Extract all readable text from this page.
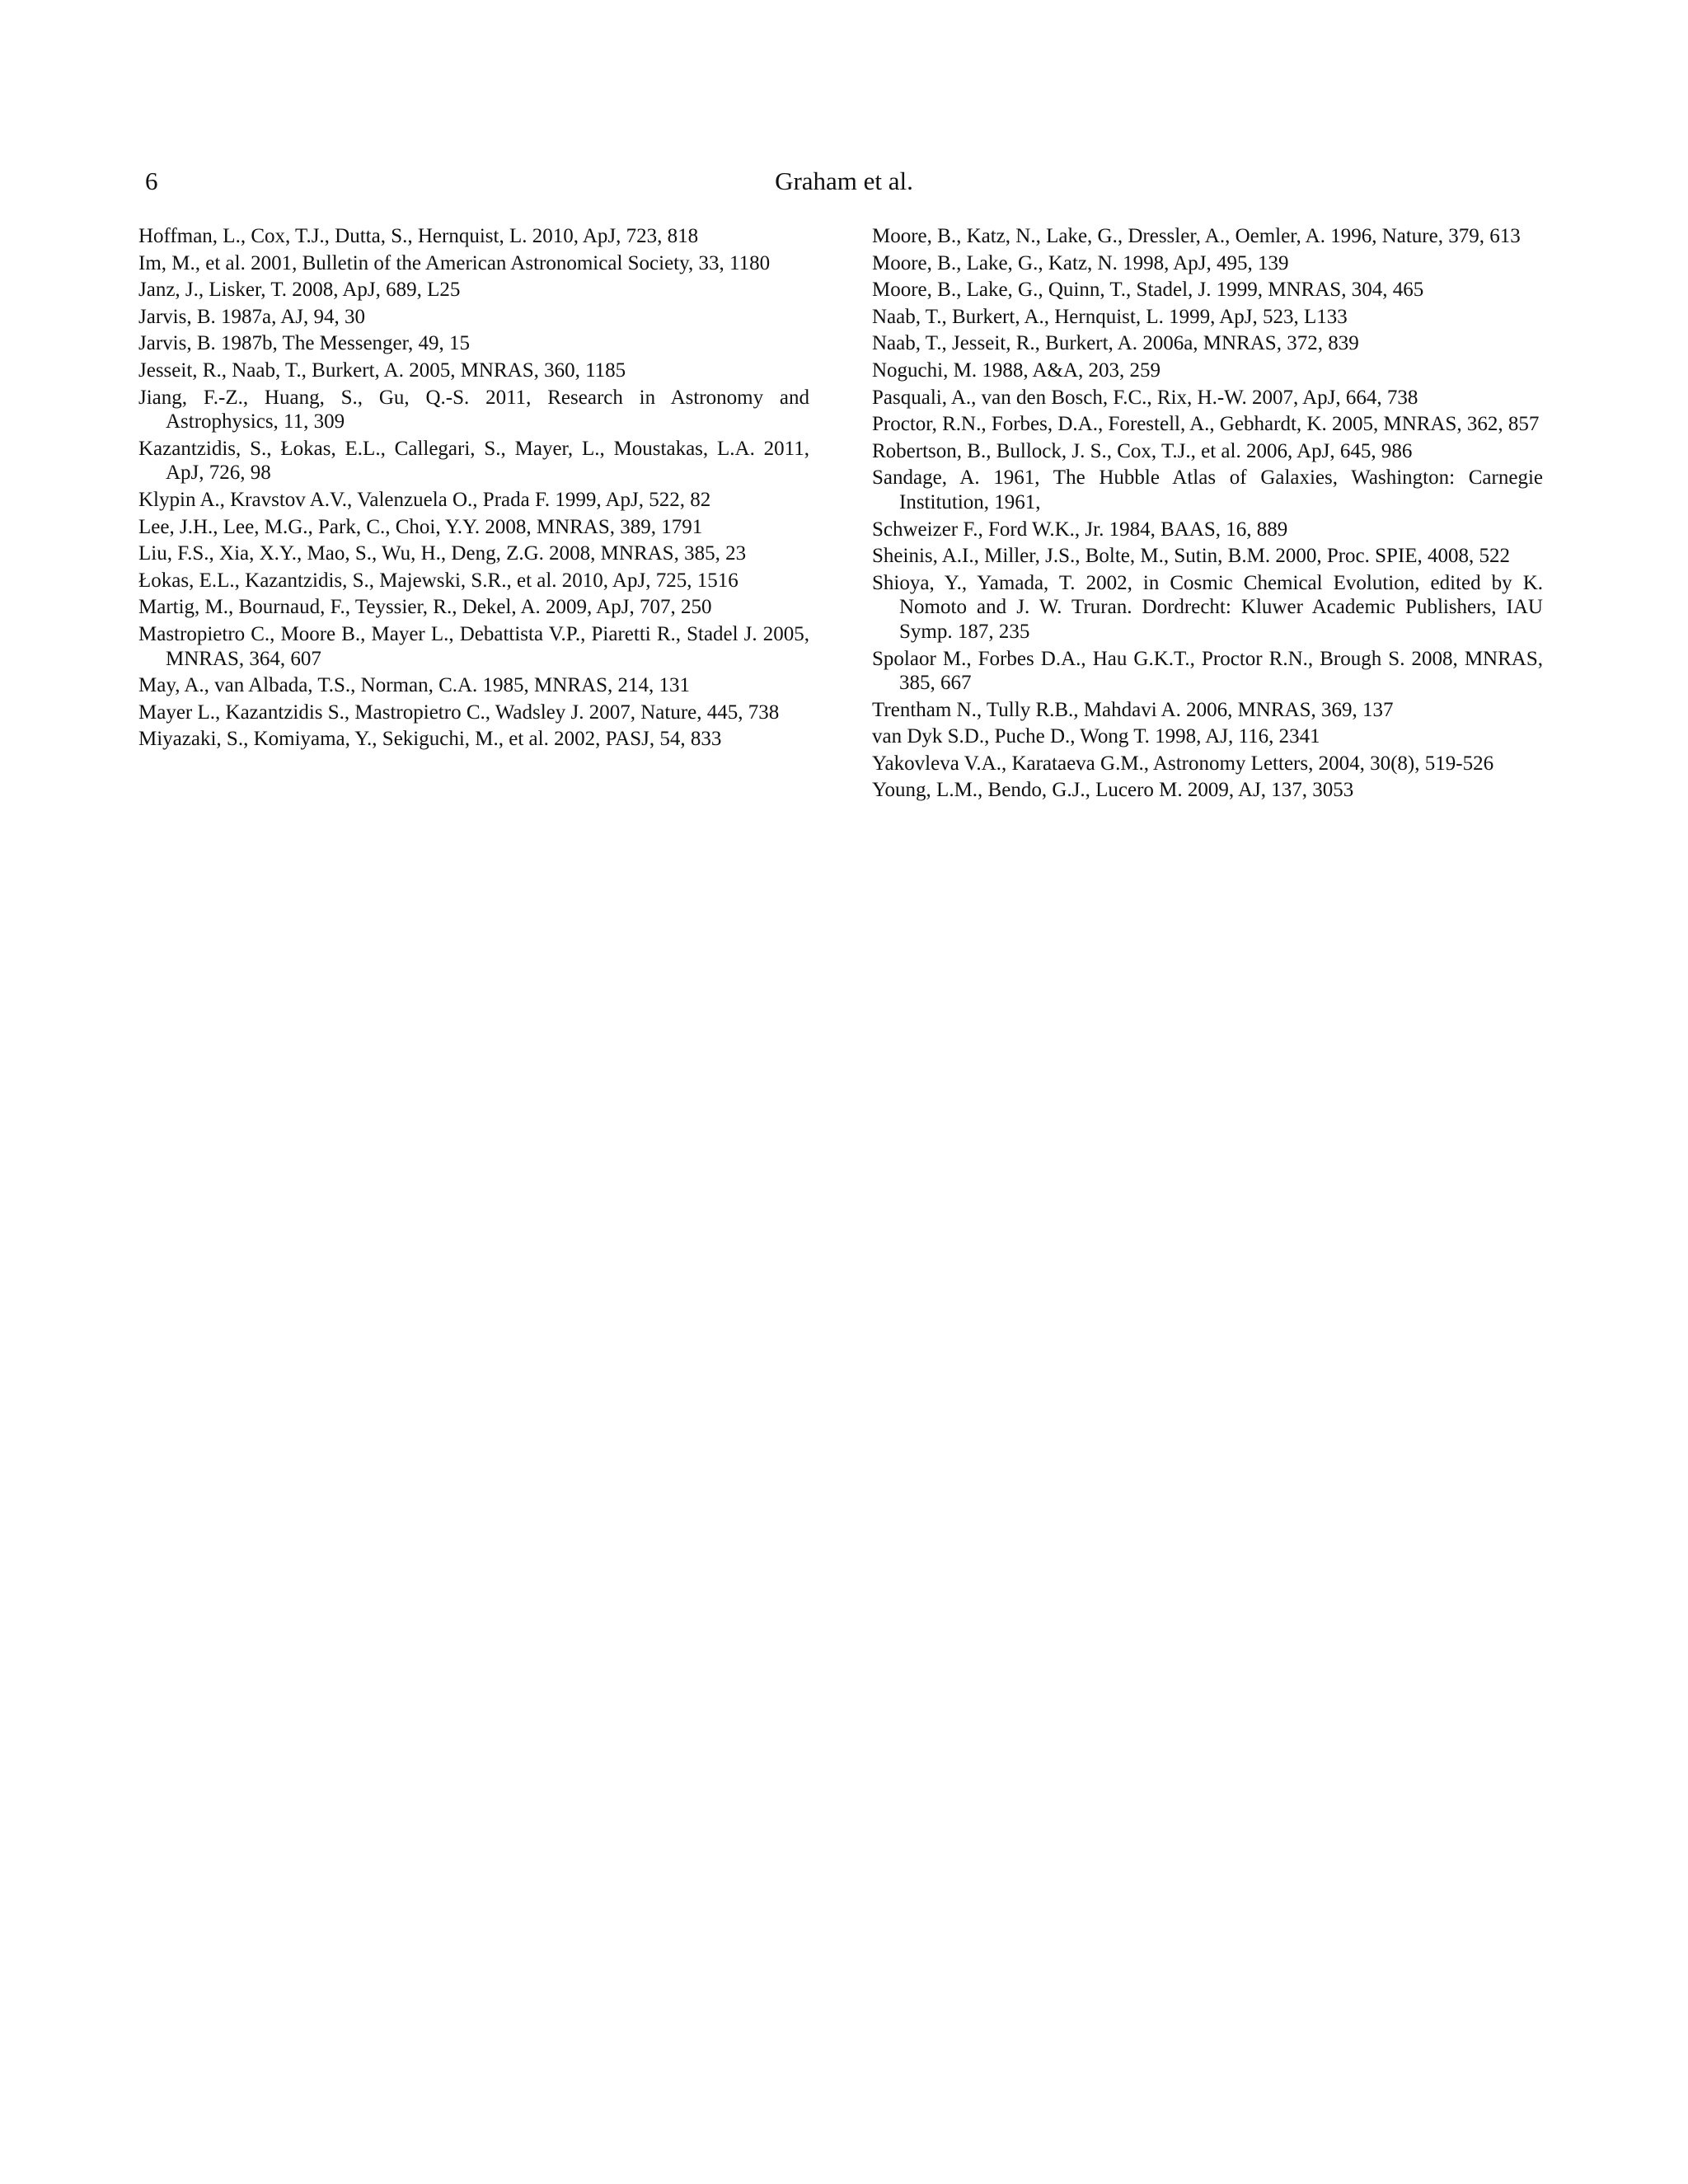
6	Graham et al.
Hoffman, L., Cox, T.J., Dutta, S., Hernquist, L. 2010, ApJ, 723, 818
Im, M., et al. 2001, Bulletin of the American Astronomical Society, 33, 1180
Janz, J., Lisker, T. 2008, ApJ, 689, L25
Jarvis, B. 1987a, AJ, 94, 30
Jarvis, B. 1987b, The Messenger, 49, 15
Jesseit, R., Naab, T., Burkert, A. 2005, MNRAS, 360, 1185
Jiang, F.-Z., Huang, S., Gu, Q.-S. 2011, Research in Astronomy and Astrophysics, 11, 309
Kazantzidis, S., Łokas, E.L., Callegari, S., Mayer, L., Moustakas, L.A. 2011, ApJ, 726, 98
Klypin A., Kravstov A.V., Valenzuela O., Prada F. 1999, ApJ, 522, 82
Lee, J.H., Lee, M.G., Park, C., Choi, Y.Y. 2008, MNRAS, 389, 1791
Liu, F.S., Xia, X.Y., Mao, S., Wu, H., Deng, Z.G. 2008, MNRAS, 385, 23
Łokas, E.L., Kazantzidis, S., Majewski, S.R., et al. 2010, ApJ, 725, 1516
Martig, M., Bournaud, F., Teyssier, R., Dekel, A. 2009, ApJ, 707, 250
Mastropietro C., Moore B., Mayer L., Debattista V.P., Piaretti R., Stadel J. 2005, MNRAS, 364, 607
May, A., van Albada, T.S., Norman, C.A. 1985, MNRAS, 214, 131
Mayer L., Kazantzidis S., Mastropietro C., Wadsley J. 2007, Nature, 445, 738
Miyazaki, S., Komiyama, Y., Sekiguchi, M., et al. 2002, PASJ, 54, 833
Moore, B., Katz, N., Lake, G., Dressler, A., Oemler, A. 1996, Nature, 379, 613
Moore, B., Lake, G., Katz, N. 1998, ApJ, 495, 139
Moore, B., Lake, G., Quinn, T., Stadel, J. 1999, MNRAS, 304, 465
Naab, T., Burkert, A., Hernquist, L. 1999, ApJ, 523, L133
Naab, T., Jesseit, R., Burkert, A. 2006a, MNRAS, 372, 839
Noguchi, M. 1988, A&A, 203, 259
Pasquali, A., van den Bosch, F.C., Rix, H.-W. 2007, ApJ, 664, 738
Proctor, R.N., Forbes, D.A., Forestell, A., Gebhardt, K. 2005, MNRAS, 362, 857
Robertson, B., Bullock, J. S., Cox, T.J., et al. 2006, ApJ, 645, 986
Sandage, A. 1961, The Hubble Atlas of Galaxies, Washington: Carnegie Institution, 1961,
Schweizer F., Ford W.K., Jr. 1984, BAAS, 16, 889
Sheinis, A.I., Miller, J.S., Bolte, M., Sutin, B.M. 2000, Proc. SPIE, 4008, 522
Shioya, Y., Yamada, T. 2002, in Cosmic Chemical Evolution, edited by K. Nomoto and J. W. Truran. Dordrecht: Kluwer Academic Publishers, IAU Symp. 187, 235
Spolaor M., Forbes D.A., Hau G.K.T., Proctor R.N., Brough S. 2008, MNRAS, 385, 667
Trentham N., Tully R.B., Mahdavi A. 2006, MNRAS, 369, 137
van Dyk S.D., Puche D., Wong T. 1998, AJ, 116, 2341
Yakovleva V.A., Karataeva G.M., Astronomy Letters, 2004, 30(8), 519-526
Young, L.M., Bendo, G.J., Lucero M. 2009, AJ, 137, 3053
